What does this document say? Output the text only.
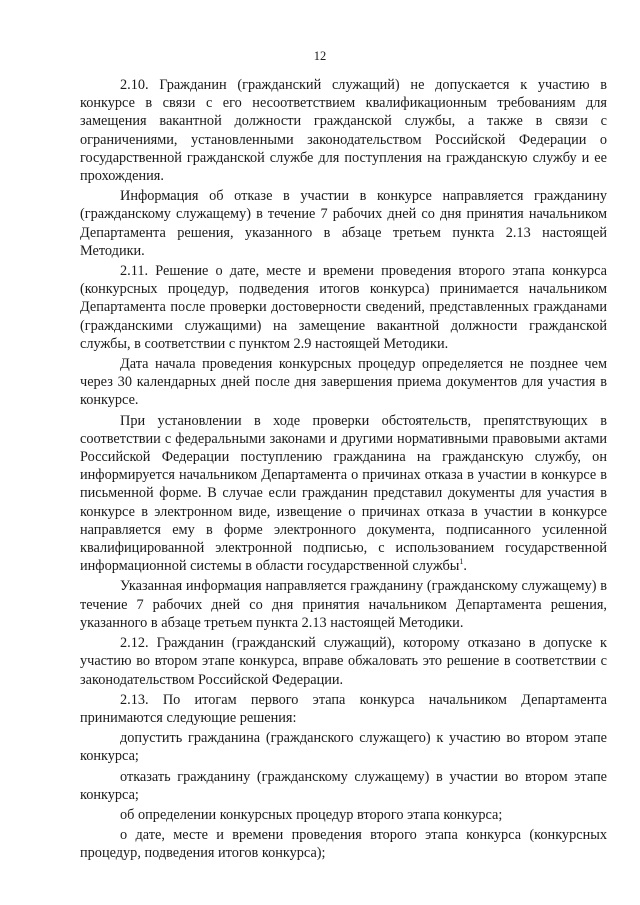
12

2.10. Гражданин (гражданский служащий) не допускается к участию в конкурсе в связи с его несоответствием квалификационным требованиям для замещения вакантной должности гражданской службы, а также в связи с ограничениями, установленными законодательством Российской Федерации о государственной гражданской службе для поступления на гражданскую службу и ее прохождения.

Информация об отказе в участии в конкурсе направляется гражданину (гражданскому служащему) в течение 7 рабочих дней со дня принятия начальником Департамента решения, указанного в абзаце третьем пункта 2.13 настоящей Методики.

2.11. Решение о дате, месте и времени проведения второго этапа конкурса (конкурсных процедур, подведения итогов конкурса) принимается начальником Департамента после проверки достоверности сведений, представленных гражданами (гражданскими служащими) на замещение вакантной должности гражданской службы, в соответствии с пунктом 2.9 настоящей Методики.

Дата начала проведения конкурсных процедур определяется не позднее чем через 30 календарных дней после дня завершения приема документов для участия в конкурсе.

При установлении в ходе проверки обстоятельств, препятствующих в соответствии с федеральными законами и другими нормативными правовыми актами Российской Федерации поступлению гражданина на гражданскую службу, он информируется начальником Департамента о причинах отказа в участии в конкурсе в письменной форме. В случае если гражданин представил документы для участия в конкурсе в электронном виде, извещение о причинах отказа в участии в конкурсе направляется ему в форме электронного документа, подписанного усиленной квалифицированной электронной подписью, с использованием государственной информационной системы в области государственной службы$^1$.

Указанная информация направляется гражданину (гражданскому служащему) в течение 7 рабочих дней со дня принятия начальником Департамента решения, указанного в абзаце третьем пункта 2.13 настоящей Методики.

2.12. Гражданин (гражданский служащий), которому отказано в допуске к участию во втором этапе конкурса, вправе обжаловать это решение в соответствии с законодательством Российской Федерации.

2.13. По итогам первого этапа конкурса начальником Департамента принимаются следующие решения:

допустить гражданина (гражданского служащего) к участию во втором этапе конкурса;

отказать гражданину (гражданскому служащему) в участии во втором этапе конкурса;

об определении конкурсных процедур второго этапа конкурса;

о дате, месте и времени проведения второго этапа конкурса (конкурсных процедур, подведения итогов конкурса);
